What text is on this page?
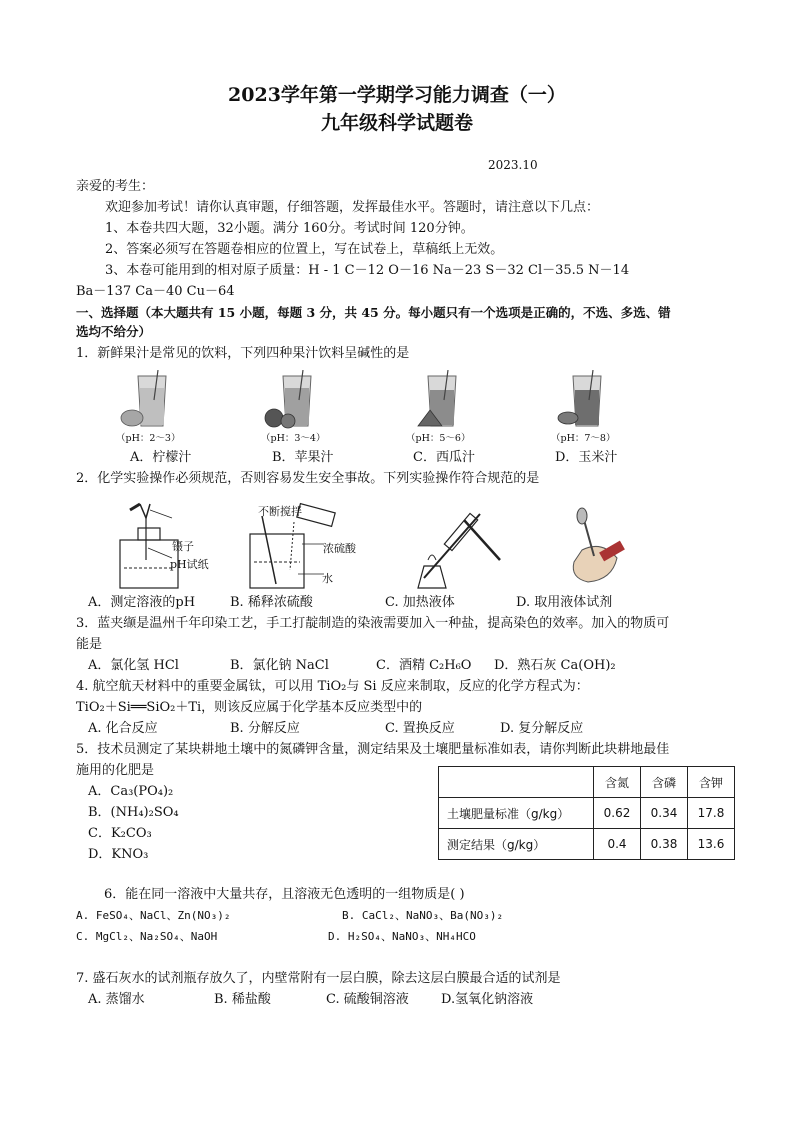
2023学年第一学期学习能力调查（一）
九年级科学试题卷
2023.10
亲爱的考生：
欢迎参加考试！请你认真审题，仔细答题，发挥最佳水平。答题时，请注意以下几点：
1、本卷共四大题，32小题。满分 160分。考试时间 120分钟。
2、答案必须写在答题卷相应的位置上，写在试卷上，草稿纸上无效。
3、本卷可能用到的相对原子质量：H - 1 C－12 O－16 Na－23 S－32 Cl－35.5 N－14
Ba－137 Ca－40 Cu－64
一、选择题（本大题共有 15 小题，每题 3 分，共 45 分。每小题只有一个选项是正确的，不选、多选、错
选均不给分）
1．新鲜果汁是常见的饮料，下列四种果汁饮料呈碱性的是
（pH：2～3）	（pH：3～4）	（pH：5～6）	（pH：7～8）
A．柠檬汁	B．苹果汁	C．西瓜汁	D．玉米汁
2．化学实验操作必须规范，否则容易发生安全事故。下列实验操作符合规范的是
镊子
pH试纸
不断搅拌
浓硫酸
水
A．测定溶液的pH	B. 稀释浓硫酸	C. 加热液体	D. 取用液体试剂
3．蓝夹缬是温州千年印染工艺，手工打靛制造的染液需要加入一种盐，提高染色的效率。加入的物质可
能是
A．氯化氢 HCl	B．氯化钠 NaCl	C．酒精 C₂H₆O D．熟石灰 Ca(OH)₂
4. 航空航天材料中的重要金属钛，可以用 TiO₂与 Si 反应来制取，反应的化学方程式为：
TiO₂＋Si══SiO₂＋Ti，则该反应属于化学基本反应类型中的
A. 化合反应	B. 分解反应	C. 置换反应	D. 复分解反应
5．技术员测定了某块耕地土壤中的氮磷钾含量，测定结果及土壤肥量标准如表，请你判断此块耕地最佳
施用的化肥是
A．Ca₃(PO₄)₂
B．(NH₄)₂SO₄
C．K₂CO₃
D．KNO₃
	含氮	含磷	含钾
土壤肥量标准（g/kg）	0.62	0.34	17.8
测定结果（g/kg）	0.4	0.38	13.6
6．能在同一溶液中大量共存，且溶液无色透明的一组物质是( )
A. FeSO₄、NaCl、Zn(NO₃)₂	B. CaCl₂、NaNO₃、Ba(NO₃)₂
C. MgCl₂、Na₂SO₄、NaOH	D. H₂SO₄、NaNO₃、NH₄HCO
7. 盛石灰水的试剂瓶存放久了，内壁常附有一层白膜，除去这层白膜最合适的试剂是
A. 蒸馏水	B. 稀盐酸	C. 硫酸铜溶液 D.氢氧化钠溶液
